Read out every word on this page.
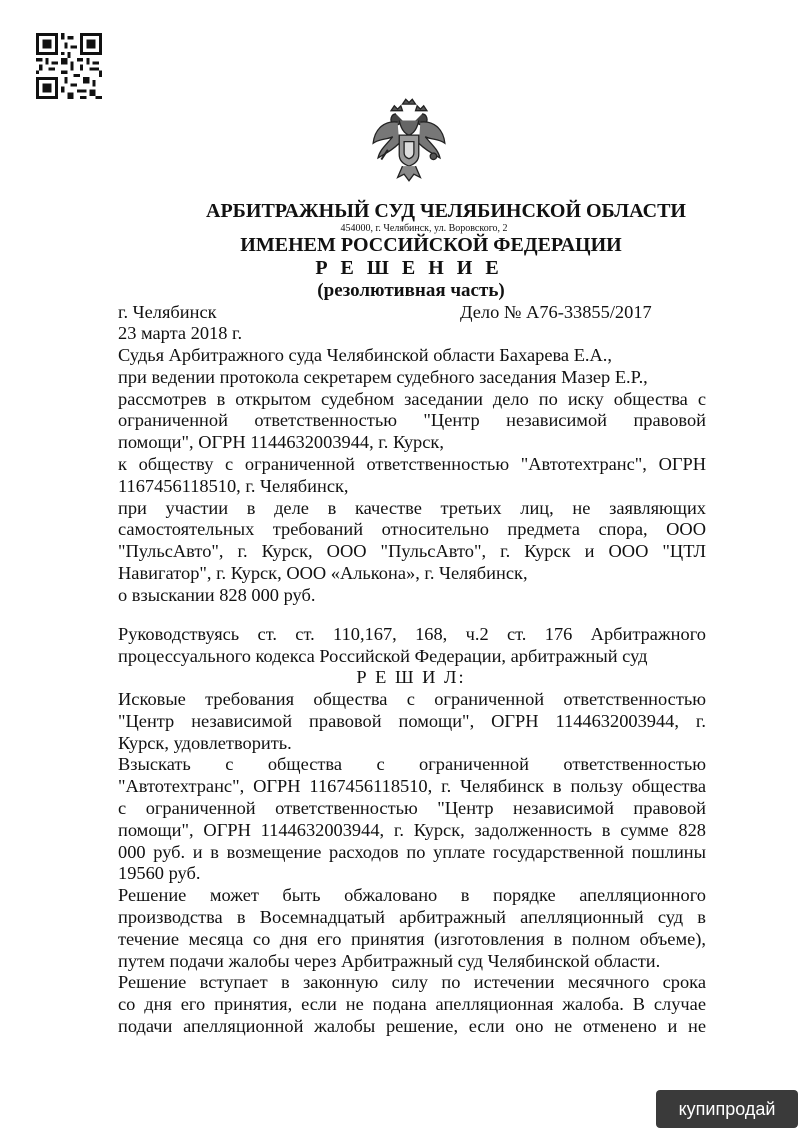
АРБИТРАЖНЫЙ СУД ЧЕЛЯБИНСКОЙ ОБЛАСТИ
454000, г. Челябинск, ул. Воровского, 2
ИМЕНЕМ РОССИЙСКОЙ ФЕДЕРАЦИИ
Р Е Ш Е Н И Е
(резолютивная часть)
г. Челябинск	Дело № А76-33855/2017
23 марта 2018 г.
Судья Арбитражного суда Челябинской области Бахарева Е.А.,
при ведении протокола секретарем судебного заседания Мазер Е.Р.,
рассмотрев в открытом судебном заседании дело по иску общества с
ограниченной ответственностью "Центр независимой правовой
помощи", ОГРН 1144632003944, г. Курск,
к обществу с ограниченной ответственностью "Автотехтранс", ОГРН
1167456118510, г. Челябинск,
при участии в деле в качестве третьих лиц, не заявляющих
самостоятельных требований относительно предмета спора, ООО
"ПульсАвто", г. Курск, ООО "ПульсАвто", г. Курск и ООО "ЦТЛ
Навигатор", г. Курск, ООО «Алькона», г. Челябинск,
о взыскании 828 000 руб.
Руководствуясь ст. ст. 110,167, 168, ч.2 ст. 176 Арбитражного
процессуального кодекса Российской Федерации, арбитражный суд
Р Е Ш И Л:
Исковые требования общества с ограниченной ответственностью
"Центр независимой правовой помощи", ОГРН 1144632003944, г.
Курск, удовлетворить.
Взыскать с общества с ограниченной ответственностью
"Автотехтранс", ОГРН 1167456118510, г. Челябинск в пользу общества
с ограниченной ответственностью "Центр независимой правовой
помощи", ОГРН 1144632003944, г. Курск, задолженность в сумме 828
000 руб. и в возмещение расходов по уплате государственной пошлины
19560 руб.
Решение может быть обжаловано в порядке апелляционного
производства в Восемнадцатый арбитражный апелляционный суд в
течение месяца со дня его принятия (изготовления в полном объеме),
путем подачи жалобы через Арбитражный суд Челябинской области.
Решение вступает в законную силу по истечении месячного срока
со дня его принятия, если не подана апелляционная жалоба. В случае
подачи апелляционной жалобы решение, если оно не отменено и не
купипродай
